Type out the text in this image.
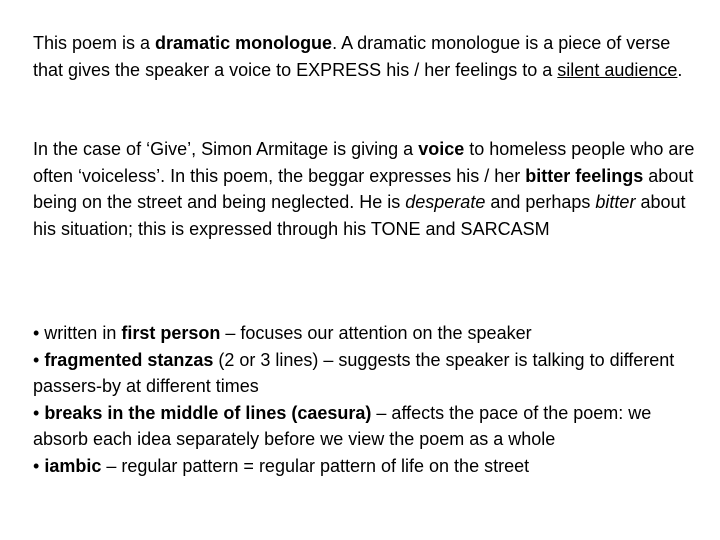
This poem is a dramatic monologue. A dramatic monologue is a piece of verse that gives the speaker a voice to EXPRESS his / her feelings to a silent audience.

In the case of ‘Give’, Simon Armitage is giving a voice to homeless people who are often ‘voiceless’. In this poem, the beggar expresses his / her bitter feelings about being on the street and being neglected. He is desperate and perhaps bitter about his situation; this is expressed through his TONE and SARCASM

• written in first person – focuses our attention on the speaker
• fragmented stanzas (2 or 3 lines) – suggests the speaker is talking to different passers-by at different times
• breaks in the middle of lines (caesura) – affects the pace of the poem: we absorb each idea separately before we view the poem as a whole
• iambic – regular pattern = regular pattern of life on the street
